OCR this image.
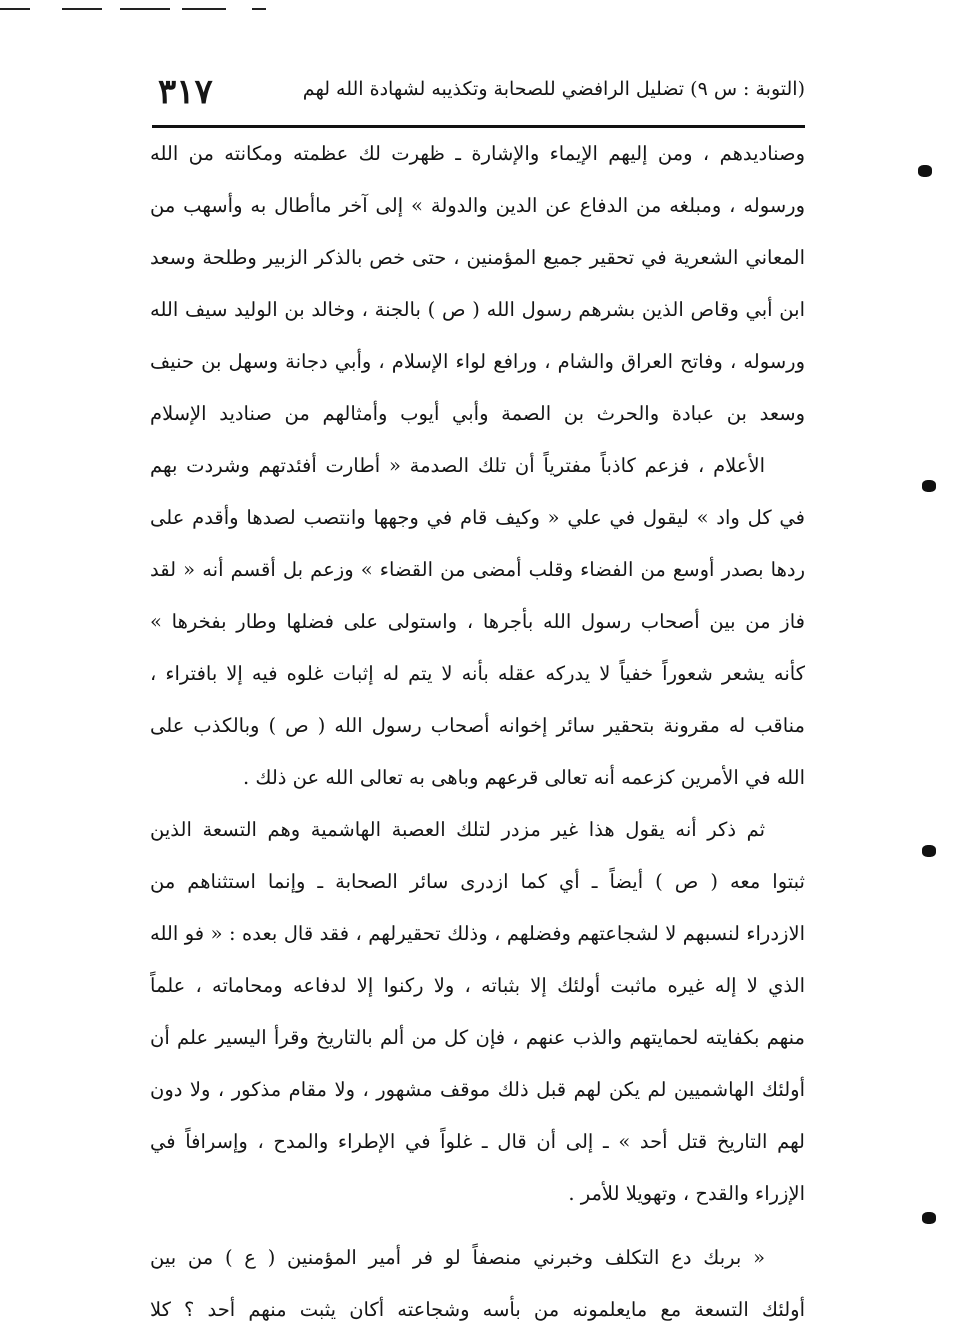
(التوبة : س ٩) تضليل الرافضي للصحابة وتكذيبه لشهادة الله لهم
٣١٧
وصناديدهم ، ومن إليهم الإيماء والإشارة ـ ظهرت لك عظمته ومكانته من الله
ورسوله ، ومبلغه من الدفاع عن الدين والدولة » إلى آخر ماأطال به وأسهب من
المعاني الشعرية في تحقير جميع المؤمنين ، حتى خص بالذكر الزبير وطلحة وسعد
ابن أبي وقاص الذين بشرهم رسول الله ( ص ) بالجنة ، وخالد بن الوليد سيف الله
ورسوله ، وفاتح العراق والشام ، ورافع لواء الإسلام ، وأبي دجانة وسهل بن حنيف
وسعد بن عبادة والحرث بن الصمة وأبي أيوب وأمثالهم من صناديد الإسلام
الأعلام ، فزعم كاذباً مفترياً أن تلك الصدمة « أطارت أفئدتهم وشردت بهم
في كل واد » ليقول في علي « وكيف قام في وجهها وانتصب لصدها وأقدم على
ردها بصدر أوسع من الفضاء وقلب أمضى من القضاء » وزعم بل أقسم أنه « لقد
فاز من بين أصحاب رسول الله بأجرها ، واستولى على فضلها وطار بفخرها »
كأنه يشعر شعوراً خفياً لا يدركه عقله بأنه لا يتم له إثبات غلوه فيه إلا بافتراء ،
مناقب له مقرونة بتحقير سائر إخوانه أصحاب رسول الله ( ص ) وبالكذب على
الله في الأمرين كزعمه أنه تعالى قرعهم وباهى به تعالى الله عن ذلك .
ثم ذكر أنه يقول هذا غير مزدر لتلك العصبة الهاشمية وهم التسعة الذين
ثبتوا معه ( ص ) أيضاً ـ أي كما ازدرى سائر الصحابة ـ وإنما استثناهم من
الازدراء لنسبهم لا لشجاعتهم وفضلهم ، وذلك تحقيرلهم ، فقد قال بعده : « فو الله
الذي لا إله غيره ماثبت أولئك إلا بثباته ، ولا ركنوا إلا لدفاعه ومحاماته ، علماً
منهم بكفايته لحمايتهم والذب عنهم ، فإن كل من ألم بالتاريخ وقرأ اليسير علم أن
أولئك الهاشميين لم يكن لهم قبل ذلك موقف مشهور ، ولا مقام مذكور ، ولا دون
لهم التاريخ قتل أحد » ـ إلى أن قال ـ غلواً في الإطراء والمدح ، وإسرافاً في
الإزراء والقدح ، وتهويلا للأمر .
« بربك دع التكلف وخبرني منصفاً لو فر أمير المؤمنين ( ع ) من بين
أولئك التسعة مع مايعلمونه من بأسه وشجاعته أكان يثبت منهم أحد ؟ كلا
